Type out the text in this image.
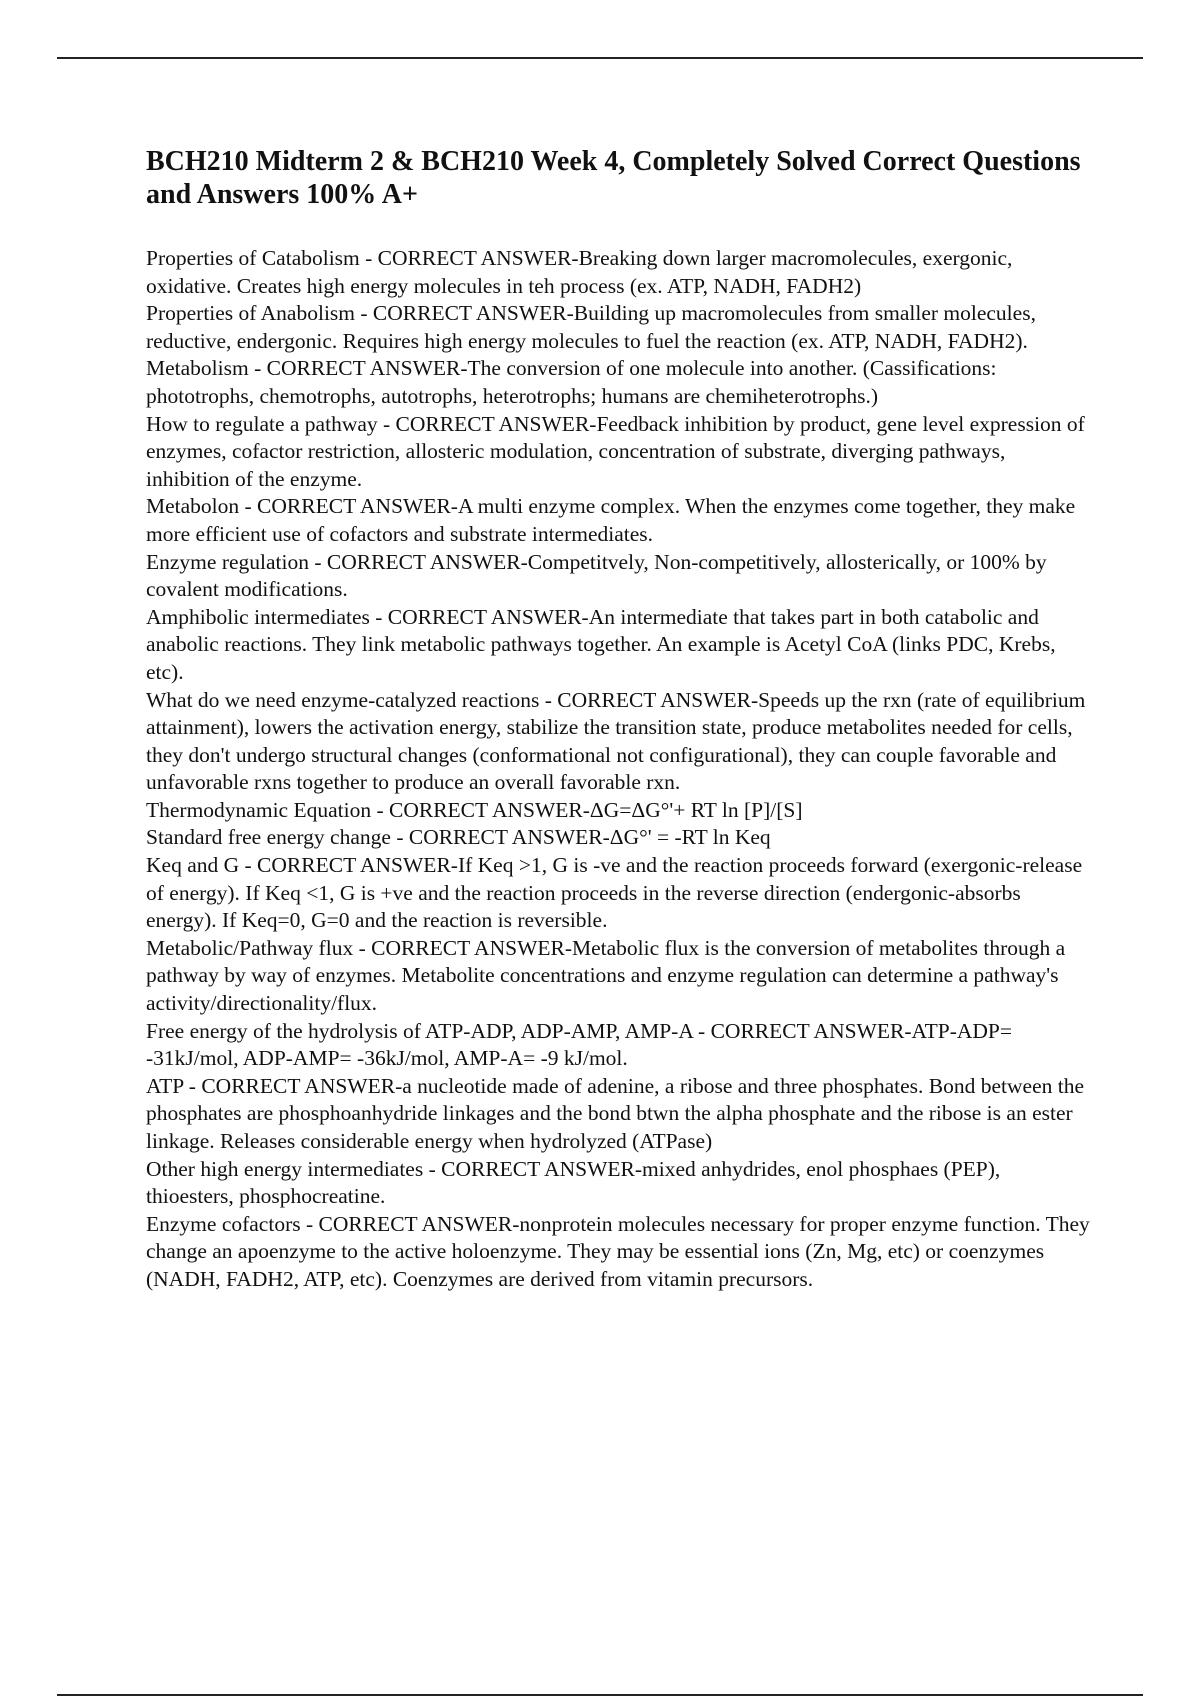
BCH210 Midterm 2 & BCH210 Week 4, Completely Solved Correct Questions and Answers 100% A+
Properties of Catabolism - CORRECT ANSWER-Breaking down larger macromolecules, exergonic, oxidative. Creates high energy molecules in teh process (ex. ATP, NADH, FADH2)
Properties of Anabolism - CORRECT ANSWER-Building up macromolecules from smaller molecules, reductive, endergonic. Requires high energy molecules to fuel the reaction (ex. ATP, NADH, FADH2).
Metabolism - CORRECT ANSWER-The conversion of one molecule into another. (Cassifications: phototrophs, chemotrophs, autotrophs, heterotrophs; humans are chemiheterotrophs.)
How to regulate a pathway - CORRECT ANSWER-Feedback inhibition by product, gene level expression of enzymes, cofactor restriction, allosteric modulation, concentration of substrate, diverging pathways, inhibition of the enzyme.
Metabolon - CORRECT ANSWER-A multi enzyme complex. When the enzymes come together, they make more efficient use of cofactors and substrate intermediates.
Enzyme regulation - CORRECT ANSWER-Competitvely, Non-competitively, allosterically, or 100% by covalent modifications.
Amphibolic intermediates - CORRECT ANSWER-An intermediate that takes part in both catabolic and anabolic reactions. They link metabolic pathways together. An example is Acetyl CoA (links PDC, Krebs, etc).
What do we need enzyme-catalyzed reactions - CORRECT ANSWER-Speeds up the rxn (rate of equilibrium attainment), lowers the activation energy, stabilize the transition state, produce metabolites needed for cells, they don't undergo structural changes (conformational not configurational), they can couple favorable and unfavorable rxns together to produce an overall favorable rxn.
Thermodynamic Equation - CORRECT ANSWER-ΔG=ΔG°'+ RT ln [P]/[S]
Standard free energy change - CORRECT ANSWER-ΔG°' = -RT ln Keq
Keq and G - CORRECT ANSWER-If Keq >1, G is -ve and the reaction proceeds forward (exergonic-release of energy). If Keq <1, G is +ve and the reaction proceeds in the reverse direction (endergonic-absorbs energy). If Keq=0, G=0 and the reaction is reversible.
Metabolic/Pathway flux - CORRECT ANSWER-Metabolic flux is the conversion of metabolites through a pathway by way of enzymes. Metabolite concentrations and enzyme regulation can determine a pathway's activity/directionality/flux.
Free energy of the hydrolysis of ATP-ADP, ADP-AMP, AMP-A - CORRECT ANSWER-ATP-ADP= -31kJ/mol, ADP-AMP= -36kJ/mol, AMP-A= -9 kJ/mol.
ATP - CORRECT ANSWER-a nucleotide made of adenine, a ribose and three phosphates. Bond between the phosphates are phosphoanhydride linkages and the bond btwn the alpha phosphate and the ribose is an ester linkage. Releases considerable energy when hydrolyzed (ATPase)
Other high energy intermediates - CORRECT ANSWER-mixed anhydrides, enol phosphaes (PEP), thioesters, phosphocreatine.
Enzyme cofactors - CORRECT ANSWER-nonprotein molecules necessary for proper enzyme function. They change an apoenzyme to the active holoenzyme. They may be essential ions (Zn, Mg, etc) or coenzymes (NADH, FADH2, ATP, etc). Coenzymes are derived from vitamin precursors.
